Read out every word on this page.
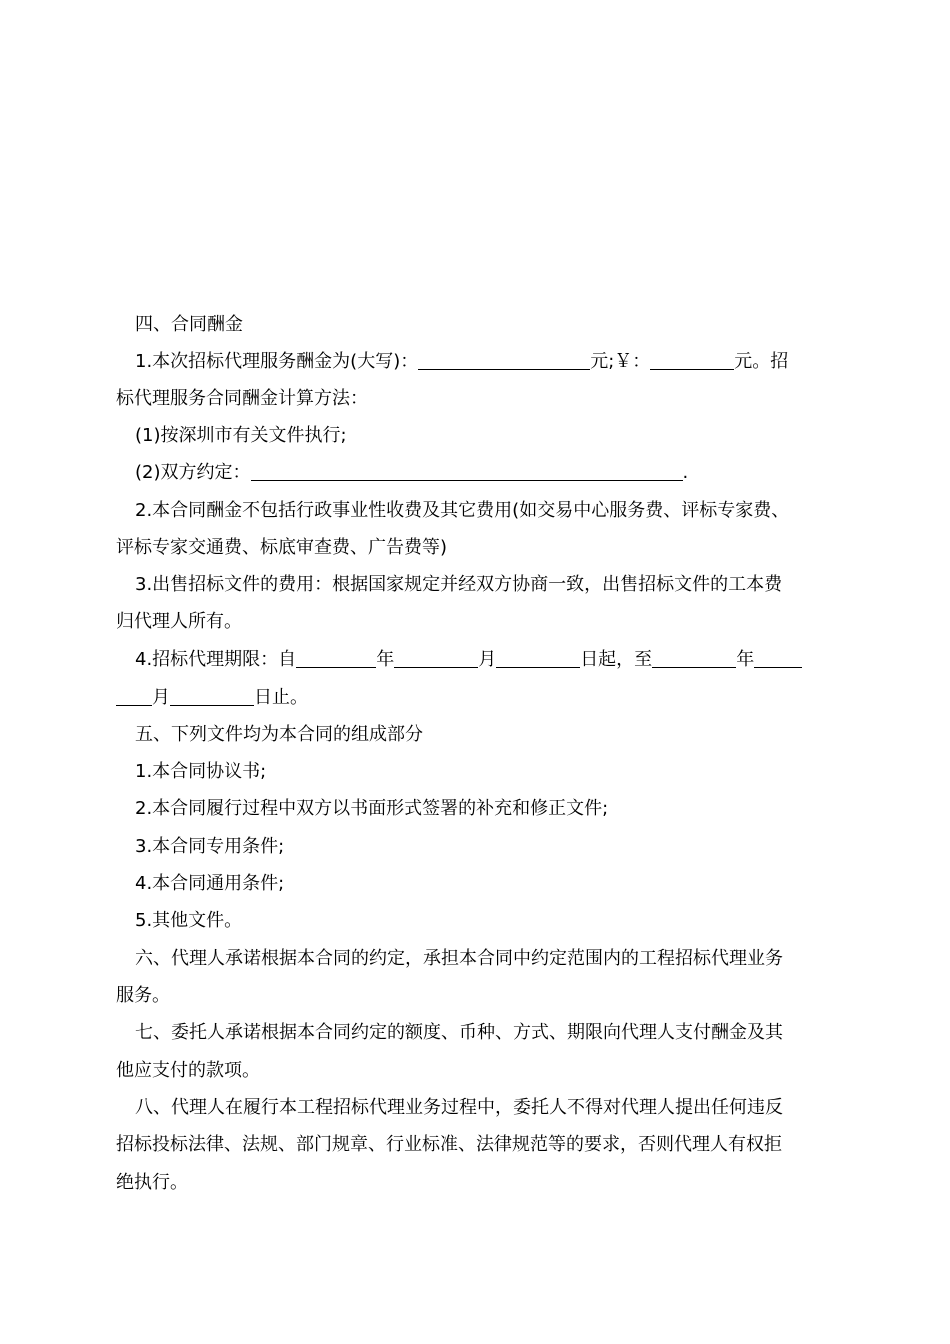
四、合同酬金
1.本次招标代理服务酬金为(大写)：	元;￥：	元。招
标代理服务合同酬金计算方法：
(1)按深圳市有关文件执行;
(2)双方约定：	.
2.本合同酬金不包括行政事业性收费及其它费用(如交易中心服务费、评标专家费、
评标专家交通费、标底审查费、广告费等)
3.出售招标文件的费用：根据国家规定并经双方协商一致，出售招标文件的工本费
归代理人所有。
4.招标代理期限：自	年	月	日起，至	年
月	日止。
五、下列文件均为本合同的组成部分
1.本合同协议书;
2.本合同履行过程中双方以书面形式签署的补充和修正文件;
3.本合同专用条件;
4.本合同通用条件;
5.其他文件。
六、代理人承诺根据本合同的约定，承担本合同中约定范围内的工程招标代理业务
服务。
七、委托人承诺根据本合同约定的额度、币种、方式、期限向代理人支付酬金及其
他应支付的款项。
八、代理人在履行本工程招标代理业务过程中，委托人不得对代理人提出任何违反
招标投标法律、法规、部门规章、行业标准、法律规范等的要求，否则代理人有权拒
绝执行。
